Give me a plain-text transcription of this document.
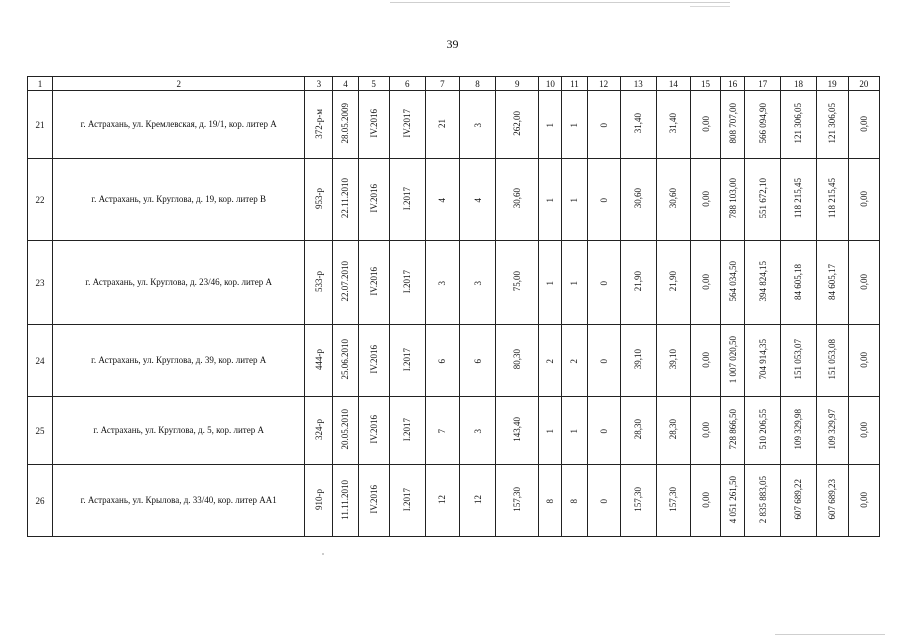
39
1	2	3	4	5	6	7	8	9	10	11	12	13	14	15	16	17	18	19	20
21	г. Астрахань, ул. Кремлевская, д. 19/1, кор. литер А	372-р-м	28.05.2009	IV.2016	IV.2017	21	3	262,00	1	1	0	31,40	31,40	0,00	808 707,00	566 094,90	121 306,05	121 306,05	0,00
22	г. Астрахань, ул. Круглова, д. 19, кор. литер В	953-р	22.11.2010	IV.2016	I.2017	4	4	30,60	1	1	0	30,60	30,60	0,00	788 103,00	551 672,10	118 215,45	118 215,45	0,00
23	г. Астрахань, ул. Круглова, д. 23/46, кор. литер А	533-р	22.07.2010	IV.2016	I.2017	3	3	75,00	1	1	0	21,90	21,90	0,00	564 034,50	394 824,15	84 605,18	84 605,17	0,00
24	г. Астрахань, ул. Круглова, д. 39, кор. литер А	444-р	25.06.2010	IV.2016	I.2017	6	6	80,30	2	2	0	39,10	39,10	0,00	1 007 020,50	704 914,35	151 053,07	151 053,08	0,00
25	г. Астрахань, ул. Круглова, д. 5, кор. литер А	324-р	20.05.2010	IV.2016	I.2017	7	3	143,40	1	1	0	28,30	28,30	0,00	728 866,50	510 206,55	109 329,98	109 329,97	0,00
26	г. Астрахань, ул. Крылова, д. 33/40, кор. литер АА1	910-р	11.11.2010	IV.2016	I.2017	12	12	157,30	8	8	0	157,30	157,30	0,00	4 051 261,50	2 835 883,05	607 689,22	607 689,23	0,00
